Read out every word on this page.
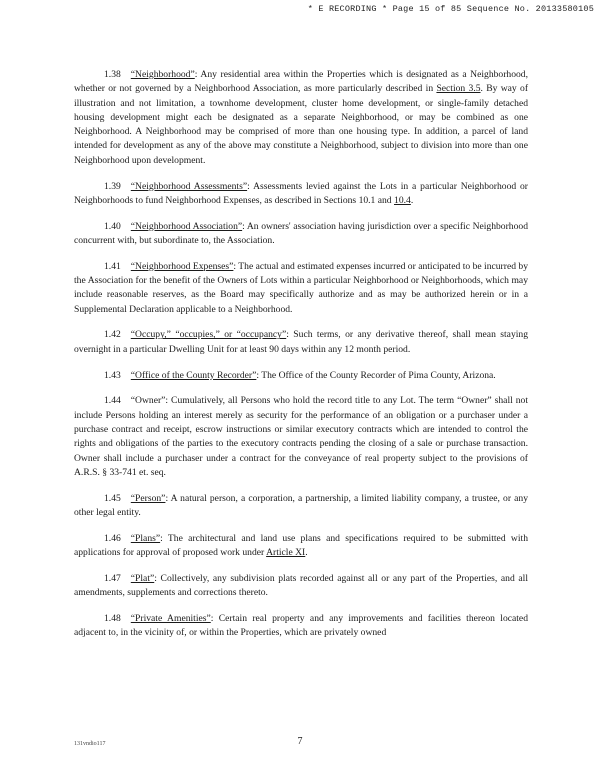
* E RECORDING * Page 15 of 85 Sequence No. 20133580105

1.38 “Neighborhood”: Any residential area within the Properties which is designated as a Neighborhood, whether or not governed by a Neighborhood Association, as more particularly described in Section 3.5. By way of illustration and not limitation, a townhome development, cluster home development, or single-family detached housing development might each be designated as a separate Neighborhood, or may be combined as one Neighborhood. A Neighborhood may be comprised of more than one housing type. In addition, a parcel of land intended for development as any of the above may constitute a Neighborhood, subject to division into more than one Neighborhood upon development.

1.39 “Neighborhood Assessments”: Assessments levied against the Lots in a particular Neighborhood or Neighborhoods to fund Neighborhood Expenses, as described in Sections 10.1 and 10.4.

1.40 “Neighborhood Association”: An owners' association having jurisdiction over a specific Neighborhood concurrent with, but subordinate to, the Association.

1.41 “Neighborhood Expenses”: The actual and estimated expenses incurred or anticipated to be incurred by the Association for the benefit of the Owners of Lots within a particular Neighborhood or Neighborhoods, which may include reasonable reserves, as the Board may specifically authorize and as may be authorized herein or in a Supplemental Declaration applicable to a Neighborhood.

1.42 “Occupy,” “occupies,” or “occupancy”: Such terms, or any derivative thereof, shall mean staying overnight in a particular Dwelling Unit for at least 90 days within any 12 month period.

1.43 “Office of the County Recorder”: The Office of the County Recorder of Pima County, Arizona.

1.44 “Owner”: Cumulatively, all Persons who hold the record title to any Lot. The term “Owner” shall not include Persons holding an interest merely as security for the performance of an obligation or a purchaser under a purchase contract and receipt, escrow instructions or similar executory contracts which are intended to control the rights and obligations of the parties to the executory contracts pending the closing of a sale or purchase transaction. Owner shall include a purchaser under a contract for the conveyance of real property subject to the provisions of A.R.S. § 33-741 et. seq.

1.45 “Person”: A natural person, a corporation, a partnership, a limited liability company, a trustee, or any other legal entity.

1.46 “Plans”: The architectural and land use plans and specifications required to be submitted with applications for approval of proposed work under Article XI.

1.47 “Plat”: Collectively, any subdivision plats recorded against all or any part of the Properties, and all amendments, supplements and corrections thereto.

1.48 “Private Amenities”: Certain real property and any improvements and facilities thereon located adjacent to, in the vicinity of, or within the Properties, which are privately owned

131vndio117	7
